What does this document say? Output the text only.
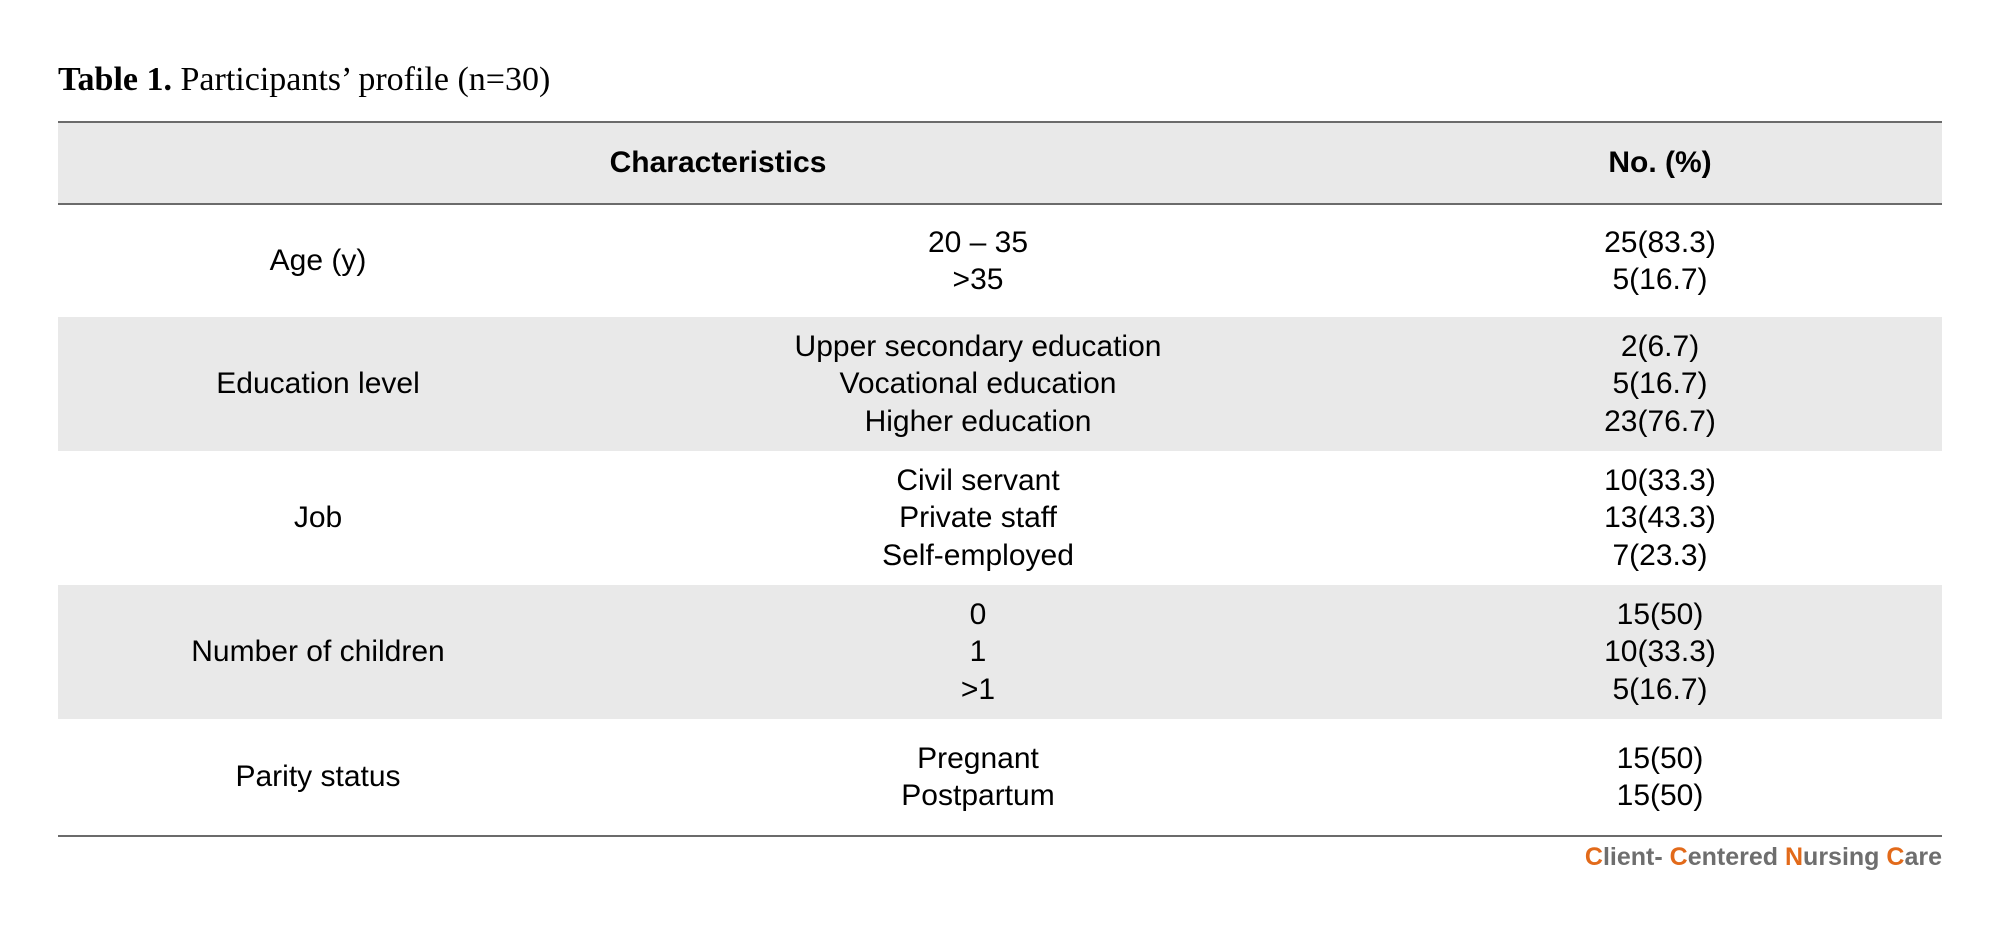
Table 1. Participants’ profile (n=30)
Characteristics	No. (%)
Age (y)
20 – 35
>35
25(83.3)
5(16.7)
Education level
Upper secondary education
Vocational education
Higher education
2(6.7)
5(16.7)
23(76.7)
Job
Civil servant
Private staff
Self-employed
10(33.3)
13(43.3)
7(23.3)
Number of children
0
1
>1
15(50)
10(33.3)
5(16.7)
Parity status
Pregnant
Postpartum
15(50)
15(50)
Client- Centered Nursing Care
